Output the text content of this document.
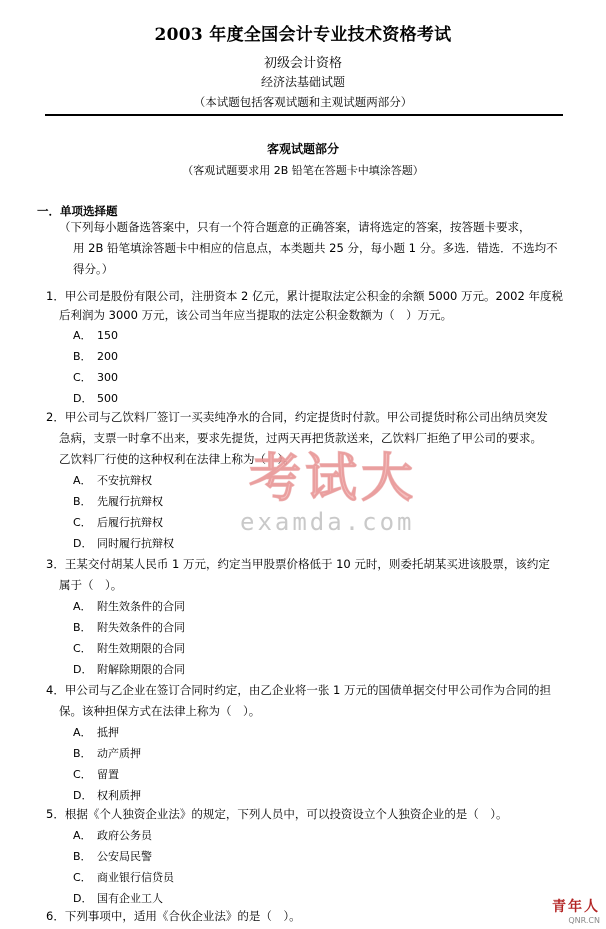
2003 年度全国会计专业技术资格考试
初级会计资格
经济法基础试题
（本试题包括客观试题和主观试题两部分）
客观试题部分
（客观试题要求用 2B 铅笔在答题卡中填涂答题）
一．单项选择题
（下列每小题备选答案中，只有一个符合题意的正确答案，请将选定的答案，按答题卡要求，
用 2B 铅笔填涂答题卡中相应的信息点，本类题共 25 分，每小题 1 分。多选．错选．不选均不
得分。）
1．甲公司是股份有限公司，注册资本 2 亿元，累计提取法定公积金的余额 5000 万元。2002 年度税
后利润为 3000 万元，该公司当年应当提取的法定公积金数额为（　）万元。
A． 150
B． 200
C． 300
D． 500
2．甲公司与乙饮料厂签订一买卖纯净水的合同，约定提货时付款。甲公司提货时称公司出纳员突发
急病，支票一时拿不出来，要求先提货，过两天再把货款送来，乙饮料厂拒绝了甲公司的要求。
乙饮料厂行使的这种权利在法律上称为（　）。
A． 不安抗辩权
B． 先履行抗辩权
C． 后履行抗辩权
D． 同时履行抗辩权
3．王某交付胡某人民币 1 万元，约定当甲股票价格低于 10 元时，则委托胡某买进该股票，该约定
属于（　）。
A． 附生效条件的合同
B． 附失效条件的合同
C． 附生效期限的合同
D． 附解除期限的合同
4．甲公司与乙企业在签订合同时约定，由乙企业将一张 1 万元的国债单据交付甲公司作为合同的担
保。该种担保方式在法律上称为（　）。
A． 抵押
B． 动产质押
C． 留置
D． 权利质押
5．根据《个人独资企业法》的规定，下列人员中，可以投资设立个人独资企业的是（　）。
A． 政府公务员
B． 公安局民警
C． 商业银行信贷员
D． 国有企业工人
6．下列事项中，适用《合伙企业法》的是（　）。
考试大
examda.com
青年人
QNR.CN
